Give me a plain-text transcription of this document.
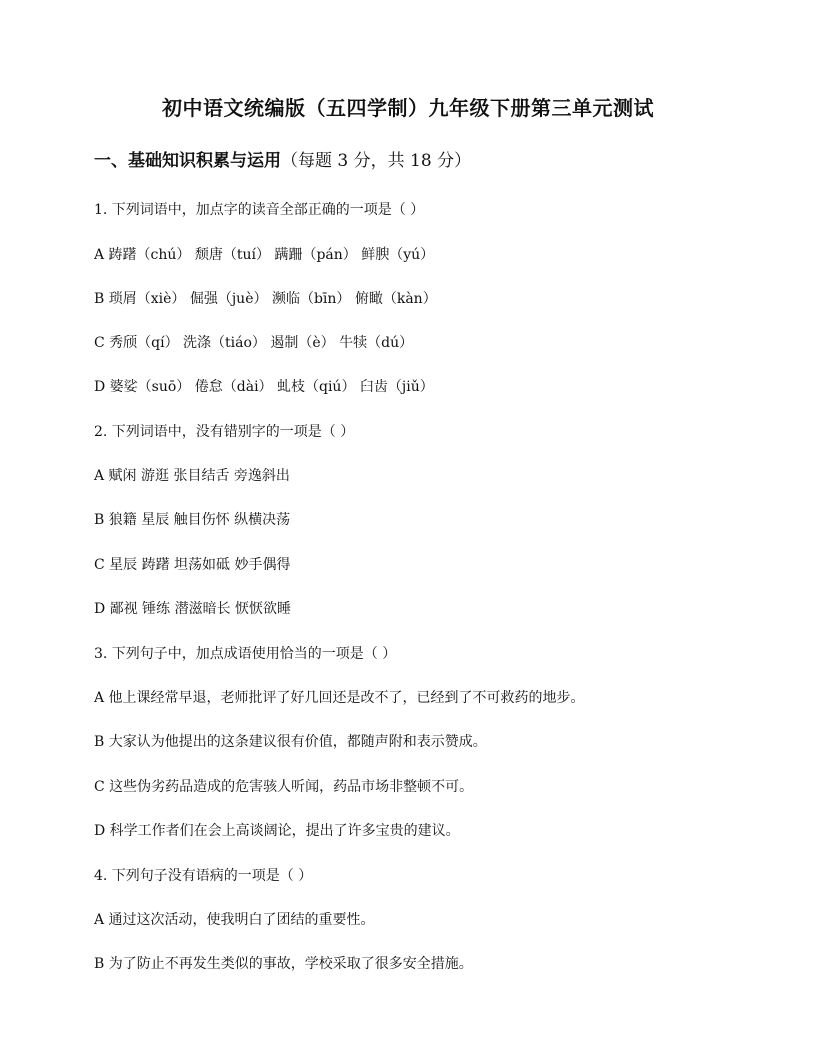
初中语文统编版（五四学制）九年级下册第三单元测试
一、基础知识积累与运用（每题 3 分，共 18 分）
1. 下列词语中，加点字的读音全部正确的一项是（ ）
A 踌躇（chú） 颓唐（tuí） 蹒跚（pán） 鲜腴（yú）
B 琐屑（xiè） 倔强（juè） 濒临（bīn） 俯瞰（kàn）
C 秀颀（qí） 洗涤（tiáo） 遏制（è） 牛犊（dú）
D 婆娑（suō） 倦怠（dài） 虬枝（qiú） 臼齿（jiǔ）
2. 下列词语中，没有错别字的一项是（ ）
A 赋闲 游逛 张目结舌 旁逸斜出
B 狼籍 星辰 触目伤怀 纵横决荡
C 星辰 踌躇 坦荡如砥 妙手偶得
D 鄙视 锤练 潜滋暗长 恹恹欲睡
3. 下列句子中，加点成语使用恰当的一项是（ ）
A 他上课经常早退，老师批评了好几回还是改不了，已经到了不可救药的地步。
B 大家认为他提出的这条建议很有价值，都随声附和表示赞成。
C 这些伪劣药品造成的危害骇人听闻，药品市场非整顿不可。
D 科学工作者们在会上高谈阔论，提出了许多宝贵的建议。
4. 下列句子没有语病的一项是（ ）
A 通过这次活动，使我明白了团结的重要性。
B 为了防止不再发生类似的事故，学校采取了很多安全措施。
